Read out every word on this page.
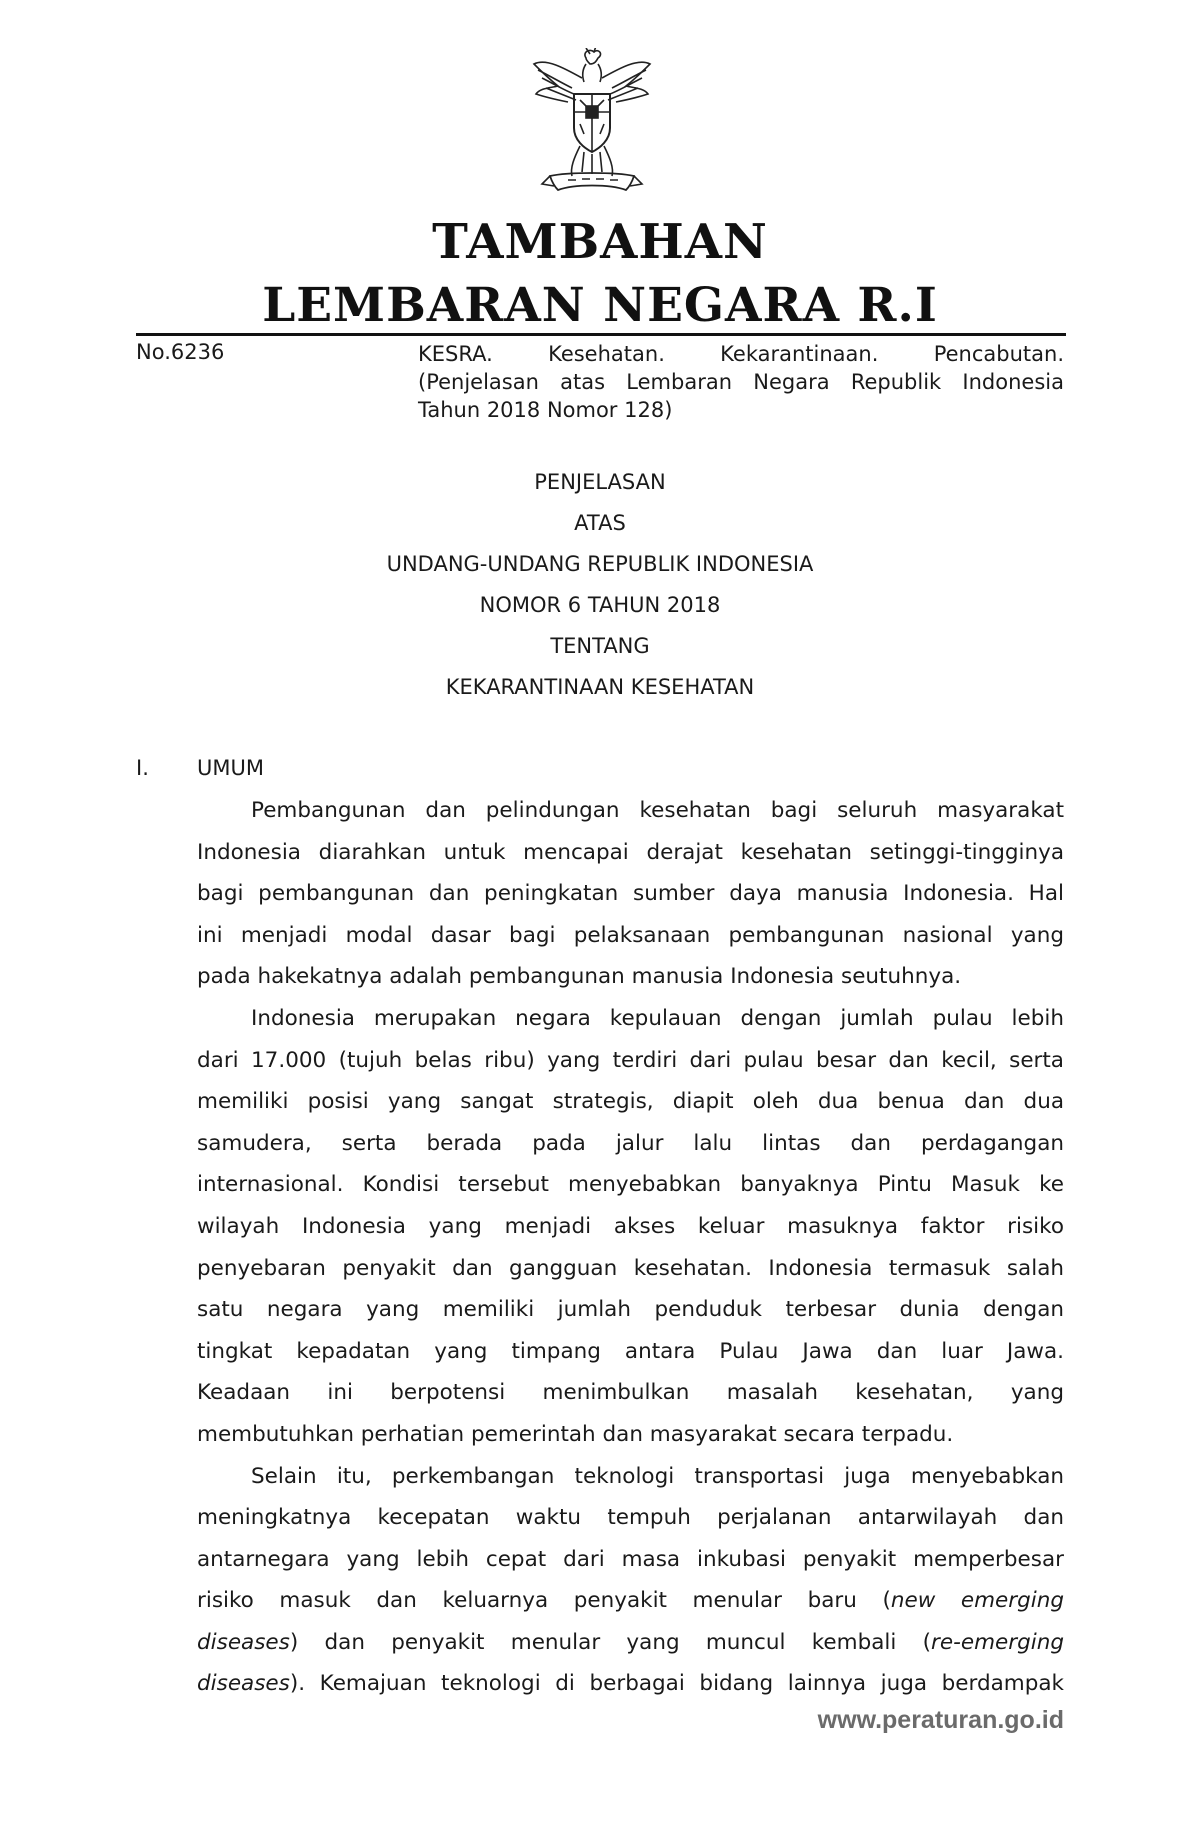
TAMBAHAN
LEMBARAN NEGARA R.I
No.6236	KESRA. Kesehatan. Kekarantinaan. Pencabutan.
(Penjelasan atas Lembaran Negara Republik Indonesia
Tahun 2018 Nomor 128)
PENJELASAN
ATAS
UNDANG-UNDANG REPUBLIK INDONESIA
NOMOR 6 TAHUN 2018
TENTANG
KEKARANTINAAN KESEHATAN
I. UMUM
Pembangunan dan pelindungan kesehatan bagi seluruh masyarakat
Indonesia diarahkan untuk mencapai derajat kesehatan setinggi-tingginya
bagi pembangunan dan peningkatan sumber daya manusia Indonesia. Hal
ini menjadi modal dasar bagi pelaksanaan pembangunan nasional yang
pada hakekatnya adalah pembangunan manusia Indonesia seutuhnya.
Indonesia merupakan negara kepulauan dengan jumlah pulau lebih
dari 17.000 (tujuh belas ribu) yang terdiri dari pulau besar dan kecil, serta
memiliki posisi yang sangat strategis, diapit oleh dua benua dan dua
samudera, serta berada pada jalur lalu lintas dan perdagangan
internasional. Kondisi tersebut menyebabkan banyaknya Pintu Masuk ke
wilayah Indonesia yang menjadi akses keluar masuknya faktor risiko
penyebaran penyakit dan gangguan kesehatan. Indonesia termasuk salah
satu negara yang memiliki jumlah penduduk terbesar dunia dengan
tingkat kepadatan yang timpang antara Pulau Jawa dan luar Jawa.
Keadaan ini berpotensi menimbulkan masalah kesehatan, yang
membutuhkan perhatian pemerintah dan masyarakat secara terpadu.
Selain itu, perkembangan teknologi transportasi juga menyebabkan
meningkatnya kecepatan waktu tempuh perjalanan antarwilayah dan
antarnegara yang lebih cepat dari masa inkubasi penyakit memperbesar
risiko masuk dan keluarnya penyakit menular baru (new emerging
diseases) dan penyakit menular yang muncul kembali (re-emerging
diseases). Kemajuan teknologi di berbagai bidang lainnya juga berdampak
www.peraturan.go.id
